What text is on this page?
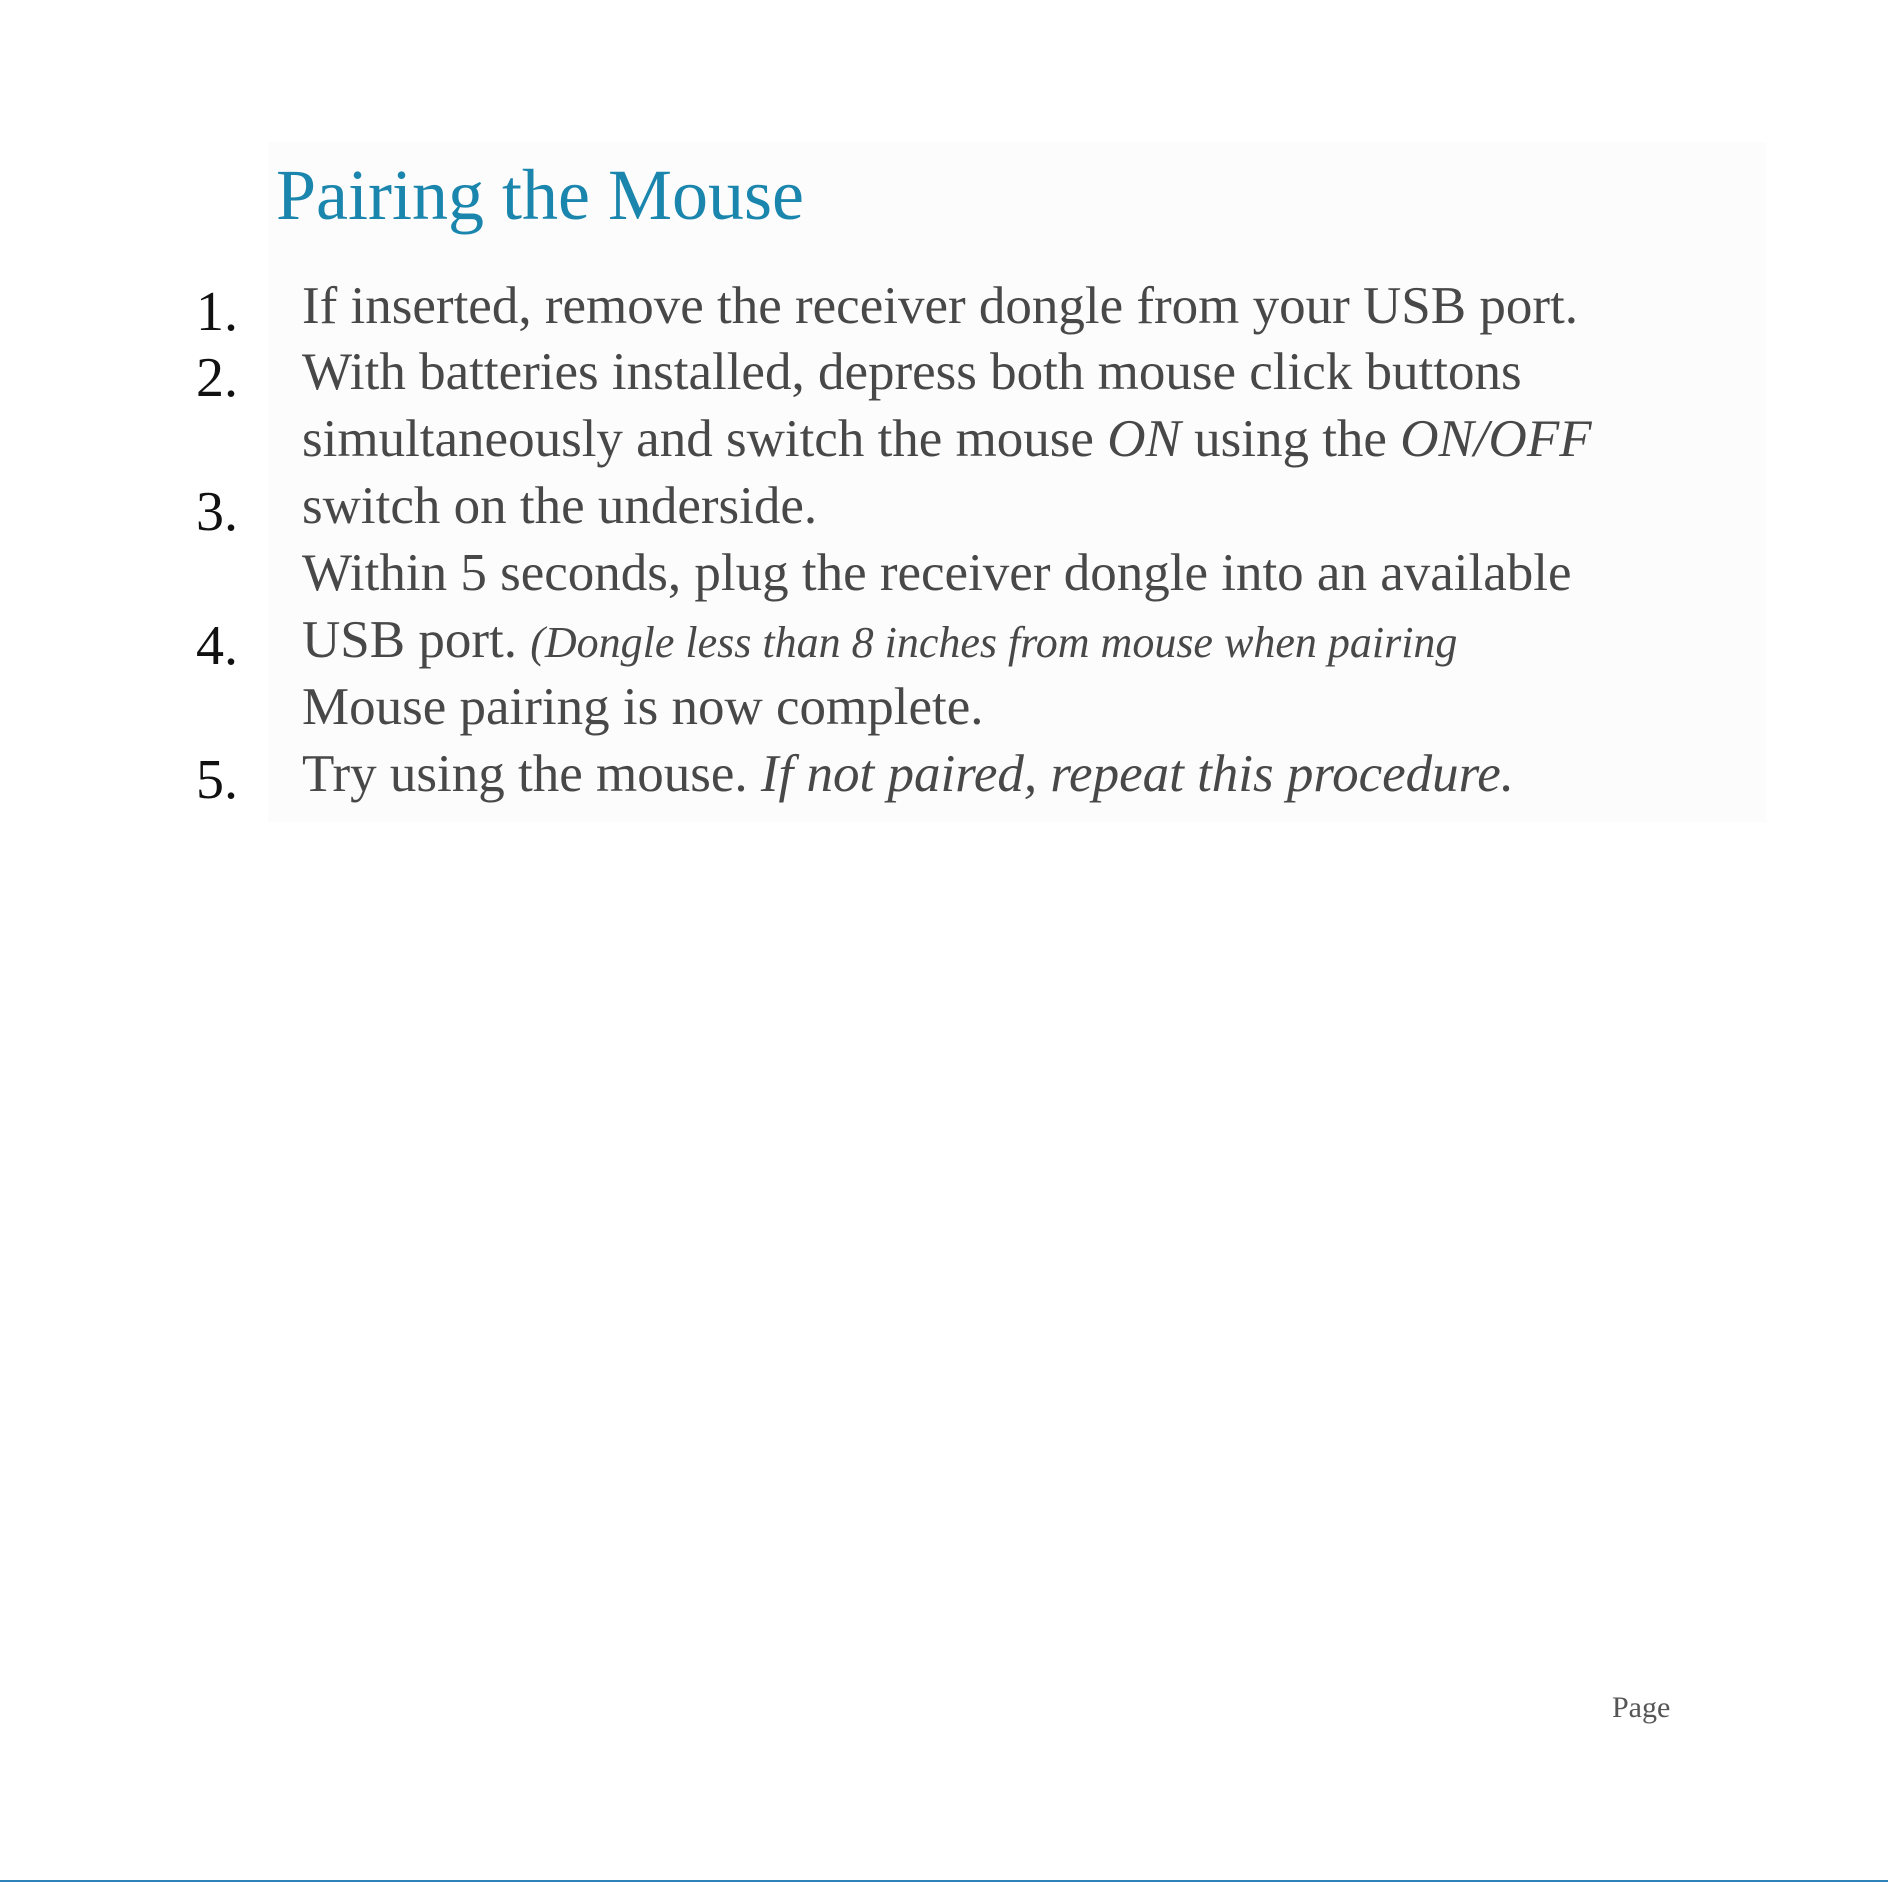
Pairing the Mouse
1.
2.
3.
4.
5.
If inserted, remove the receiver dongle from your USB port.
With batteries installed, depress both mouse click buttons
simultaneously and switch the mouse ON using the ON/OFF
switch on the underside.
Within 5 seconds, plug the receiver dongle into an available
USB port. (Dongle less than 8 inches from mouse when pairing
Mouse pairing is now complete.
Try using the mouse. If not paired, repeat this procedure.
Page
